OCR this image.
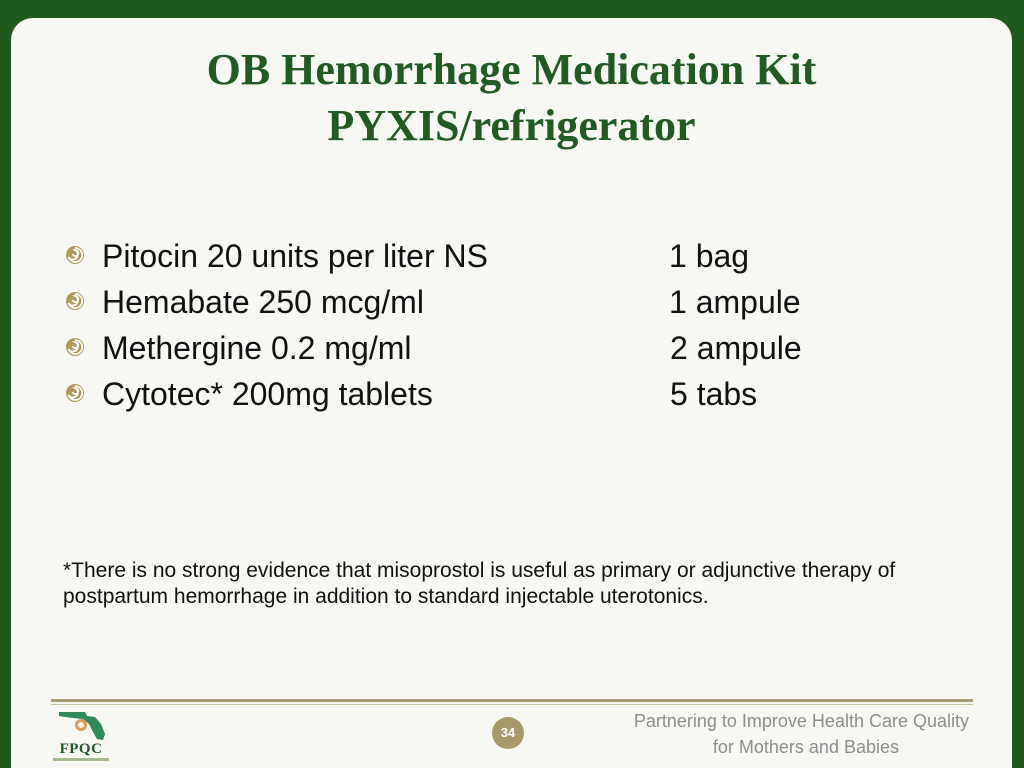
OB Hemorrhage Medication Kit
PYXIS/refrigerator
Pitocin 20 units per liter NS	1 bag
Hemabate 250 mcg/ml	1 ampule
Methergine 0.2 mg/ml	2 ampule
Cytotec* 200mg tablets	5 tabs
*There is no strong evidence that misoprostol is useful as primary or adjunctive therapy of postpartum hemorrhage in addition to standard injectable uterotonics.
FPQC
34
Partnering to Improve Health Care Quality
for Mothers and Babies
